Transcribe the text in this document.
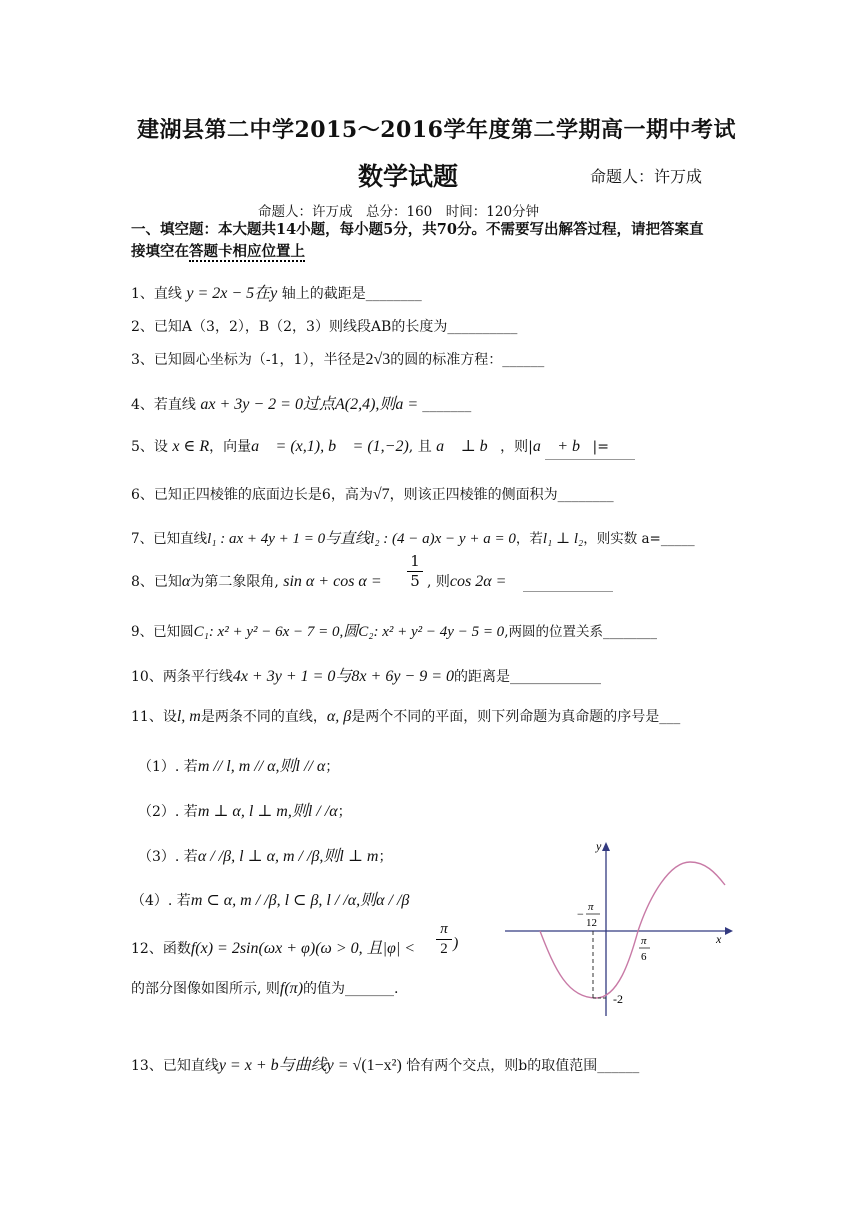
建湖县第二中学2015～2016学年度第二学期高一期中考试
数学试题	命题人：许万成
命题人：许万成　总分：160　时间：120分钟
一、填空题：本大题共14小题，每小题5分，共70分。不需要写出解答过程，请把答案直
接填空在答题卡相应位置上
1、直线 y = 2x − 5在y 轴上的截距是________
2、已知A（3，2），B（2，3）则线段AB的长度为__________
3、已知圆心坐标为（-1，1），半径是2√3的圆的标准方程：______
4、若直线 ax + 3y − 2 = 0过点A(2,4),则a = _______
5、设 x ∈ R，向量a⃗ = (x,1), b⃗ = (1,−2), 且 a⃗ ⊥ b⃗，则|a⃗ + b⃗|=
6、已知正四棱锥的底面边长是6，高为√7，则该正四棱锥的侧面积为________
7、已知直线l₁ : ax + 4y + 1 = 0与直线l₂ : (4 − a)x − y + a = 0，若l₁ ⊥ l₂，则实数 a=_____
8、已知α为第二象限角, $\sin \alpha + \cos \alpha = \frac{1}{5}$ , 则cos 2α =
9、已知圆C₁: x² + y² − 6x − 7 = 0,圆C₂: x² + y² − 4y − 5 = 0,两圆的位置关系________
10、两条平行线4x + 3y + 1 = 0与8x + 6y − 9 = 0的距离是_____________
11、设l, m是两条不同的直线，α, β是两个不同的平面，则下列命题为真命题的序号是___
（1）. 若m // l, m // α,则l // α；
（2）. 若m ⊥ α, l ⊥ m,则l / /α；
（3）. 若α / /β, l ⊥ α, m / /β,则l ⊥ m；
（4）. 若m ⊂ α, m / /β, l ⊂ β, l / /α,则α / /β
12、函数f(x) = 2sin(ωx + φ)(ω > 0, 且$|\varphi| < \frac{\pi}{2}$ )
的部分图像如图所示, 则f(π)的值为_______.
13、已知直线y = x + b与曲线y = √(1−x²) 恰有两个交点，则b的取值范围______
y
x
− π
12
π
6
-2
